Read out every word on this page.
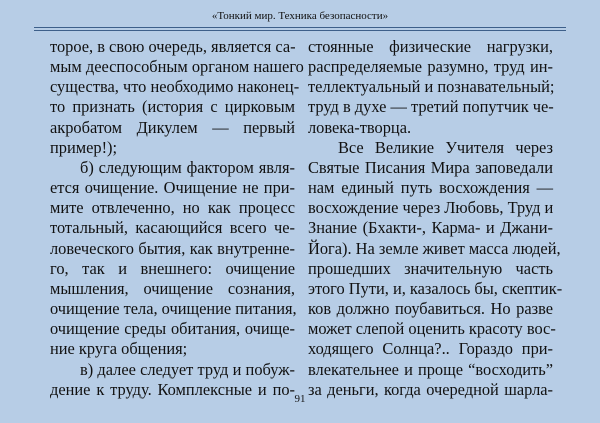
«Тонкий мир. Техника безопасности»
торое, в свою очередь, является са-
мым дееспособным органом нашего
существа, что необходимо наконец-
то признать (история с цирковым
акробатом Дикулем — первый
пример!);
б) следующим фактором явля-
ется очищение. Очищение не при-
мите отвлеченно, но как процесс
тотальный, касающийся всего че-
ловеческого бытия, как внутренне-
го, так и внешнего: очищение
мышления, очищение сознания,
очищение тела, очищение питания,
очищение среды обитания, очище-
ние круга общения;
в) далее следует труд и побуж-
дение к труду. Комплексные и по-
стоянные физические нагрузки,
распределяемые разумно, труд ин-
теллектуальный и познавательный;
труд в духе — третий попутчик че-
ловека-творца.
Все Великие Учителя через
Святые Писания Мира заповедали
нам единый путь восхождения —
восхождение через Любовь, Труд и
Знание (Бхакти-, Карма- и Джани-
Йога). На земле живет масса людей,
прошедших значительную часть
этого Пути, и, казалось бы, скептик-
ков должно поубавиться. Но разве
может слепой оценить красоту вос-
ходящего Солнца?.. Гораздо при-
влекательнее и проще “восходить”
за деньги, когда очередной шарла-
91
